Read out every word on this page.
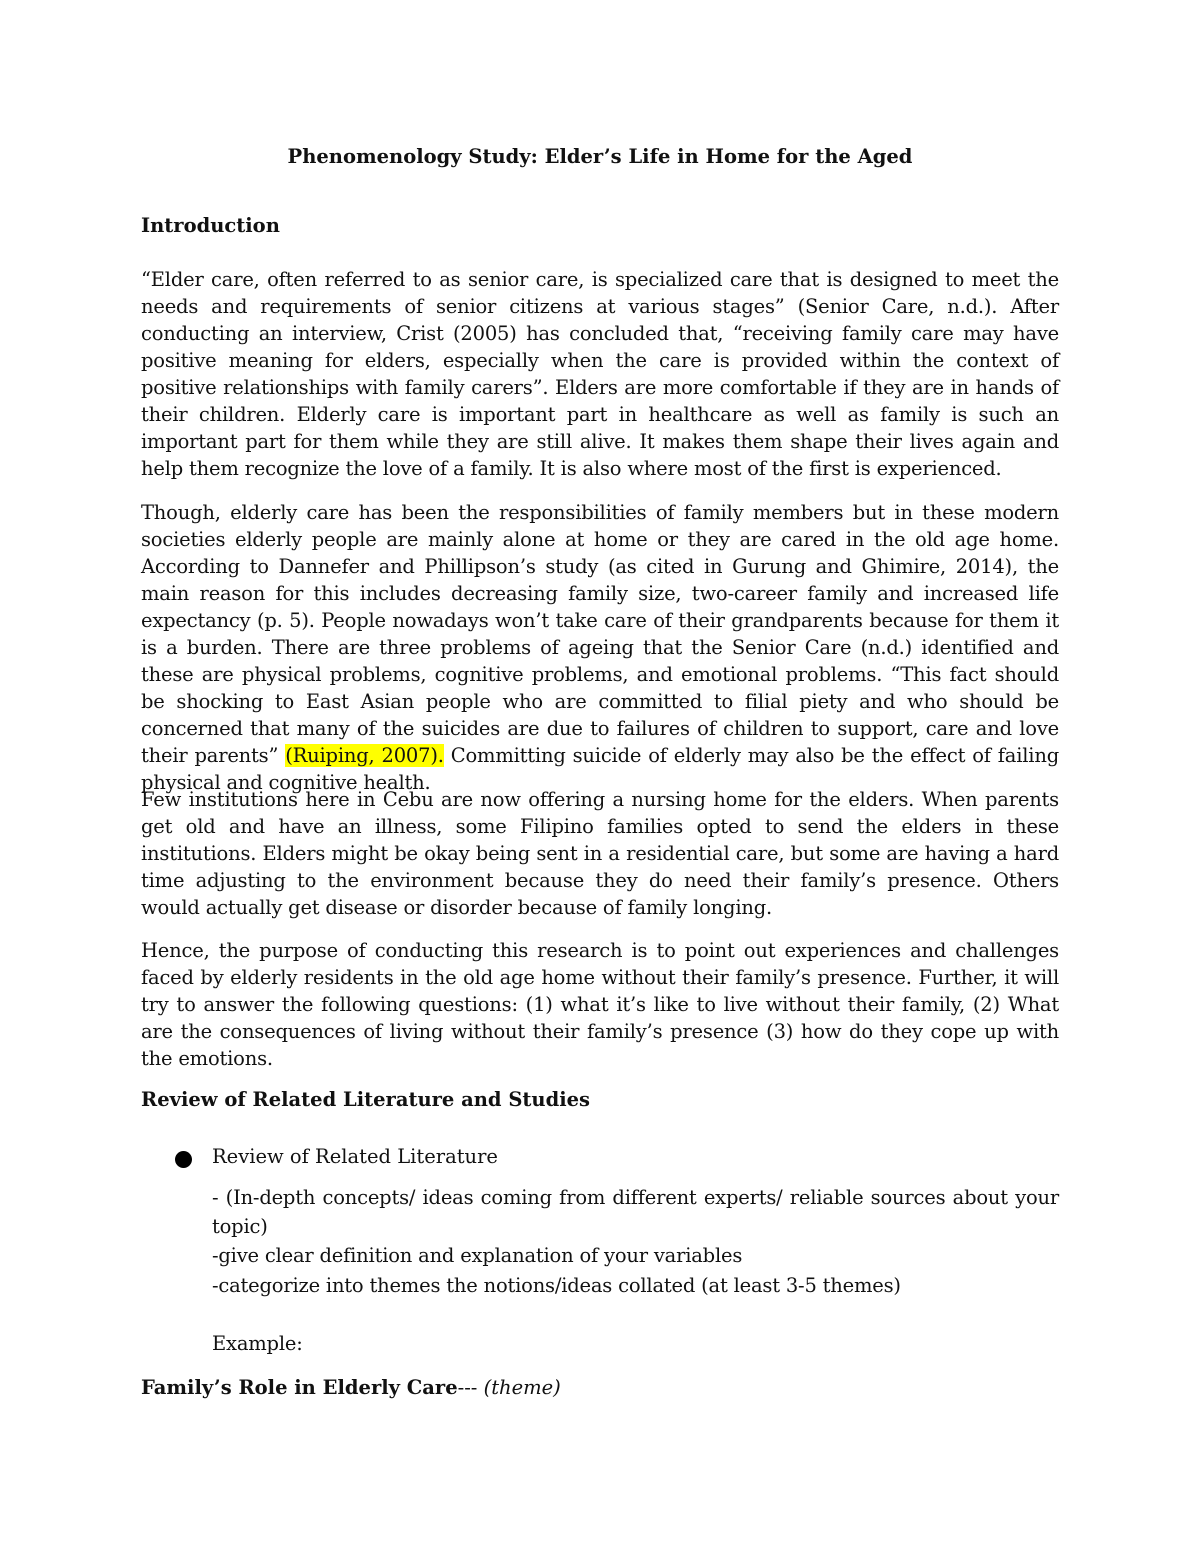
Phenomenology Study: Elder’s Life in Home for the Aged
Introduction

“Elder care, often referred to as senior care, is specialized care that is designed to meet the needs and requirements of senior citizens at various stages” (Senior Care, n.d.). After conducting an interview, Crist (2005) has concluded that, “receiving family care may have positive meaning for elders, especially when the care is provided within the context of positive relationships with family carers”. Elders are more comfortable if they are in hands of their children. Elderly care is important part in healthcare as well as family is such an important part for them while they are still alive. It makes them shape their lives again and help them recognize the love of a family. It is also where most of the first is experienced.

Though, elderly care has been the responsibilities of family members but in these modern societies elderly people are mainly alone at home or they are cared in the old age home. According to Dannefer and Phillipson’s study (as cited in Gurung and Ghimire, 2014), the main reason for this includes decreasing family size, two-career family and increased life expectancy (p. 5). People nowadays won’t take care of their grandparents because for them it is a burden. There are three problems of ageing that the Senior Care (n.d.) identified and these are physical problems, cognitive problems, and emotional problems. “This fact should be shocking to East Asian people who are committed to filial piety and who should be concerned that many of the suicides are due to failures of children to support, care and love their parents” (Ruiping, 2007). Committing suicide of elderly may also be the effect of failing physical and cognitive health.

Few institutions here in Cebu are now offering a nursing home for the elders. When parents get old and have an illness, some Filipino families opted to send the elders in these institutions. Elders might be okay being sent in a residential care, but some are having a hard time adjusting to the environment because they do need their family’s presence. Others would actually get disease or disorder because of family longing.

Hence, the purpose of conducting this research is to point out experiences and challenges faced by elderly residents in the old age home without their family’s presence. Further, it will try to answer the following questions: (1) what it’s like to live without their family, (2) What are the consequences of living without their family’s presence (3) how do they cope up with the emotions.

Review of Related Literature and Studies
Review of Related Literature

- (In-depth concepts/ ideas coming from different experts/ reliable sources about your topic)

-give clear definition and explanation of your variables

-categorize into themes the notions/ideas collated (at least 3-5 themes)

Example:

Family’s Role in Elderly Care--- (theme)
